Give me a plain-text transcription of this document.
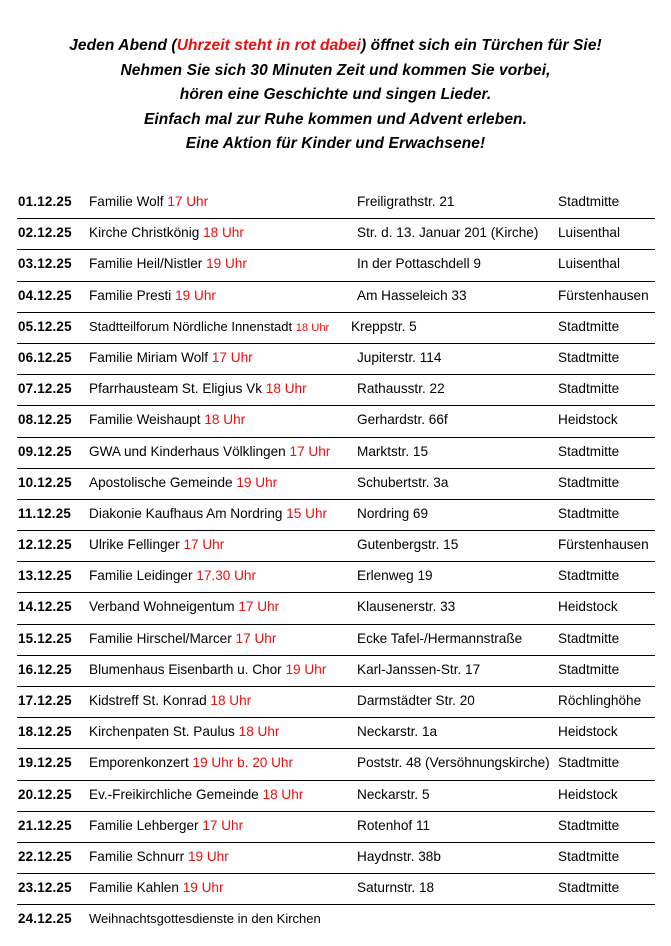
Jeden Abend (Uhrzeit steht in rot dabei) öffnet sich ein Türchen für Sie!
Nehmen Sie sich 30 Minuten Zeit und kommen Sie vorbei,
hören eine Geschichte und singen Lieder.
Einfach mal zur Ruhe kommen und Advent erleben.
Eine Aktion für Kinder und Erwachsene!
01.12.25 Familie Wolf 17 Uhr	Freiligrathstr. 21	Stadtmitte
02.12.25 Kirche Christkönig 18 Uhr	Str. d. 13. Januar 201 (Kirche) Luisenthal
03.12.25 Familie Heil/Nistler 19 Uhr	In der Pottaschdell 9	Luisenthal
04.12.25 Familie Presti 19 Uhr	Am Hasseleich 33	Fürstenhausen
05.12.25 Stadtteilforum Nördliche Innenstadt 18 Uhr Kreppstr. 5	Stadtmitte
06.12.25 Familie Miriam Wolf 17 Uhr	Jupiterstr. 114	Stadtmitte
07.12.25 Pfarrhausteam St. Eligius Vk 18 Uhr	Rathausstr. 22	Stadtmitte
08.12.25 Familie Weishaupt 18 Uhr	Gerhardstr. 66f	Heidstock
09.12.25 GWA und Kinderhaus Völklingen 17 Uhr Marktstr. 15	Stadtmitte
10.12.25 Apostolische Gemeinde 19 Uhr	Schubertstr. 3a	Stadtmitte
11.12.25 Diakonie Kaufhaus Am Nordring 15 Uhr Nordring 69	Stadtmitte
12.12.25 Ulrike Fellinger 17 Uhr	Gutenbergstr. 15	Fürstenhausen
13.12.25 Familie Leidinger 17.30 Uhr	Erlenweg 19	Stadtmitte
14.12.25 Verband Wohneigentum 17 Uhr	Klausenerstr. 33	Heidstock
15.12.25 Familie Hirschel/Marcer 17 Uhr	Ecke Tafel-/Hermannstraße	Stadtmitte
16.12.25 Blumenhaus Eisenbarth u. Chor 19 Uhr Karl-Janssen-Str. 17	Stadtmitte
17.12.25 Kidstreff St. Konrad 18 Uhr	Darmstädter Str. 20	Röchlinghöhe
18.12.25 Kirchenpaten St. Paulus 18 Uhr	Neckarstr. 1a	Heidstock
19.12.25 Emporenkonzert 19 Uhr b. 20 Uhr	Poststr. 48 (Versöhnungskirche) Stadtmitte
20.12.25 Ev.-Freikirchliche Gemeinde 18 Uhr	Neckarstr. 5	Heidstock
21.12.25 Familie Lehberger 17 Uhr	Rotenhof 11	Stadtmitte
22.12.25 Familie Schnurr 19 Uhr	Haydnstr. 38b	Stadtmitte
23.12.25 Familie Kahlen 19 Uhr	Saturnstr. 18	Stadtmitte
24.12.25 Weihnachtsgottesdienste in den Kirchen
